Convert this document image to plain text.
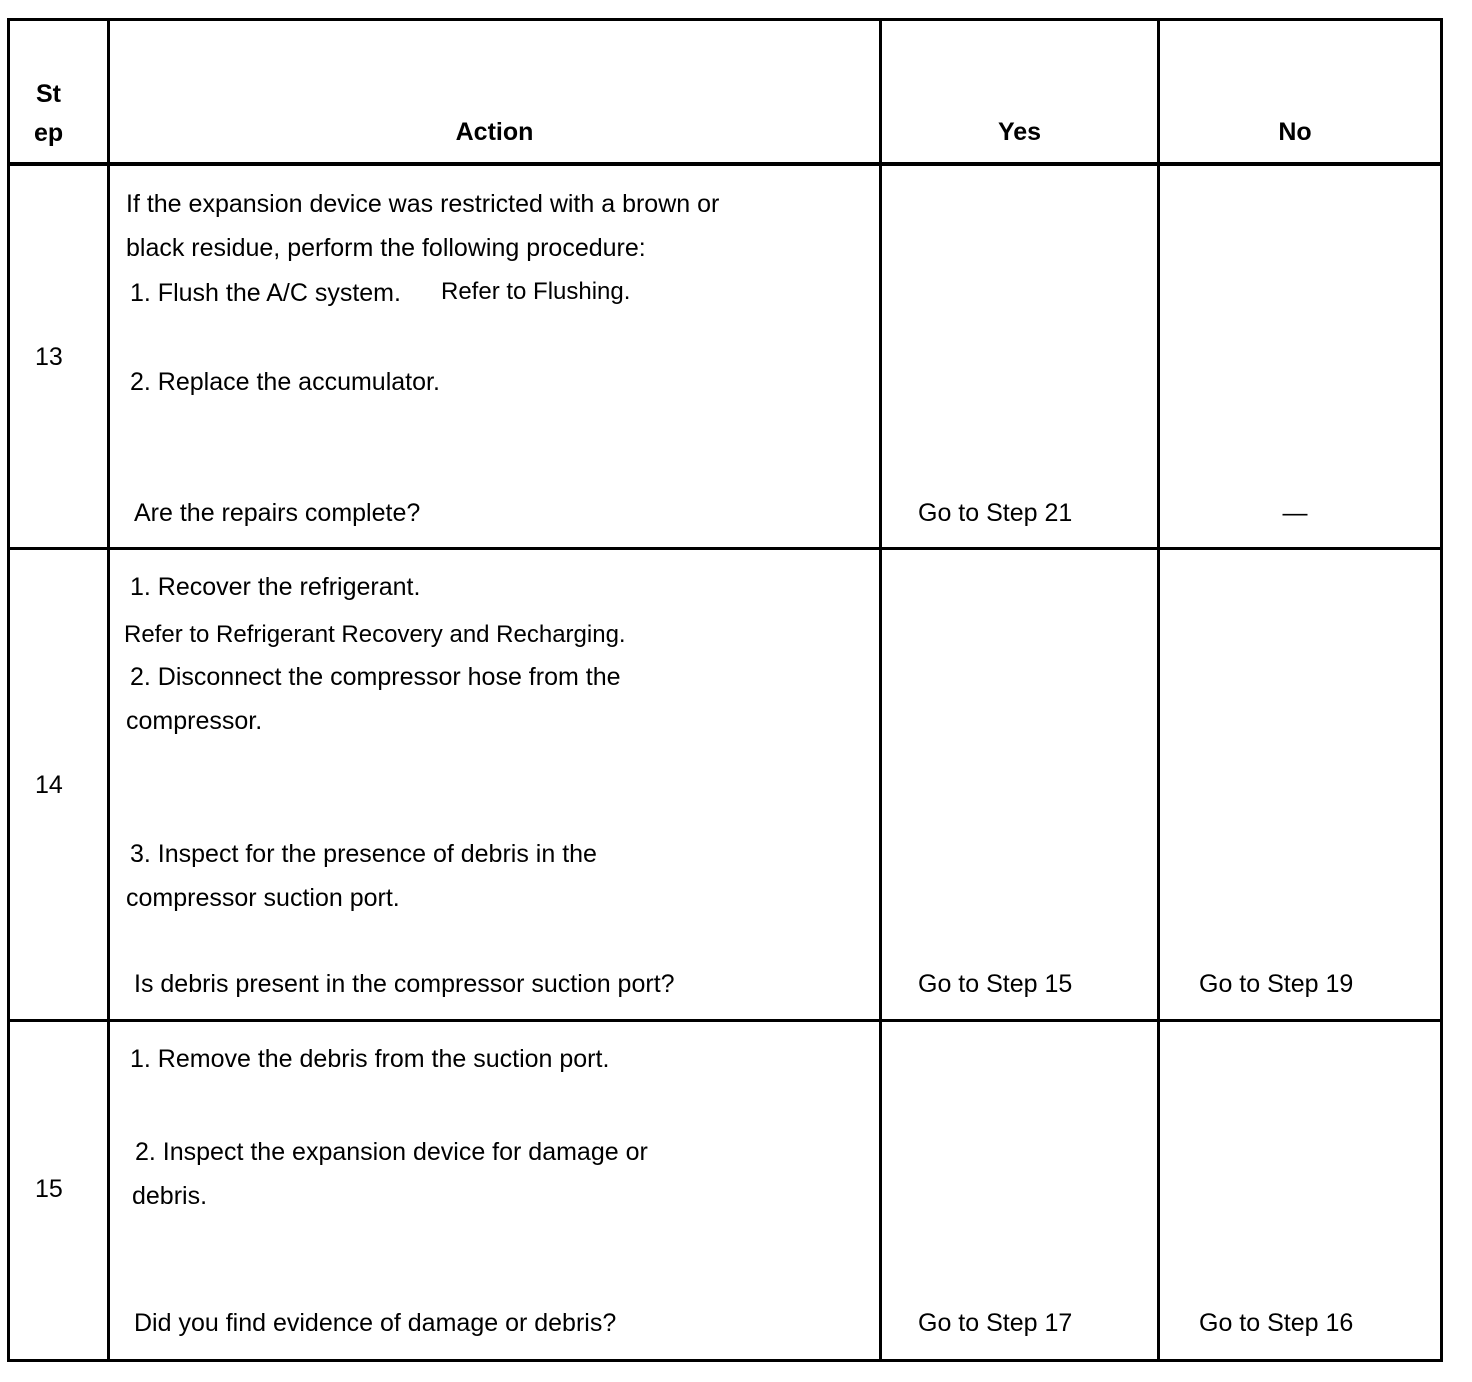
St
ep	Action	Yes	No
13
If the expansion device was restricted with a brown or
black residue, perform the following procedure:
1. Flush the A/C system. Refer to Flushing.
2. Replace the accumulator.
Are the repairs complete?	Go to Step 21	—
14
1. Recover the refrigerant.
Refer to Refrigerant Recovery and Recharging.
2. Disconnect the compressor hose from the
compressor.
3. Inspect for the presence of debris in the
compressor suction port.
Is debris present in the compressor suction port?	Go to Step 15	Go to Step 19
15
1. Remove the debris from the suction port.
2. Inspect the expansion device for damage or
debris.
Did you find evidence of damage or debris?	Go to Step 17	Go to Step 16
